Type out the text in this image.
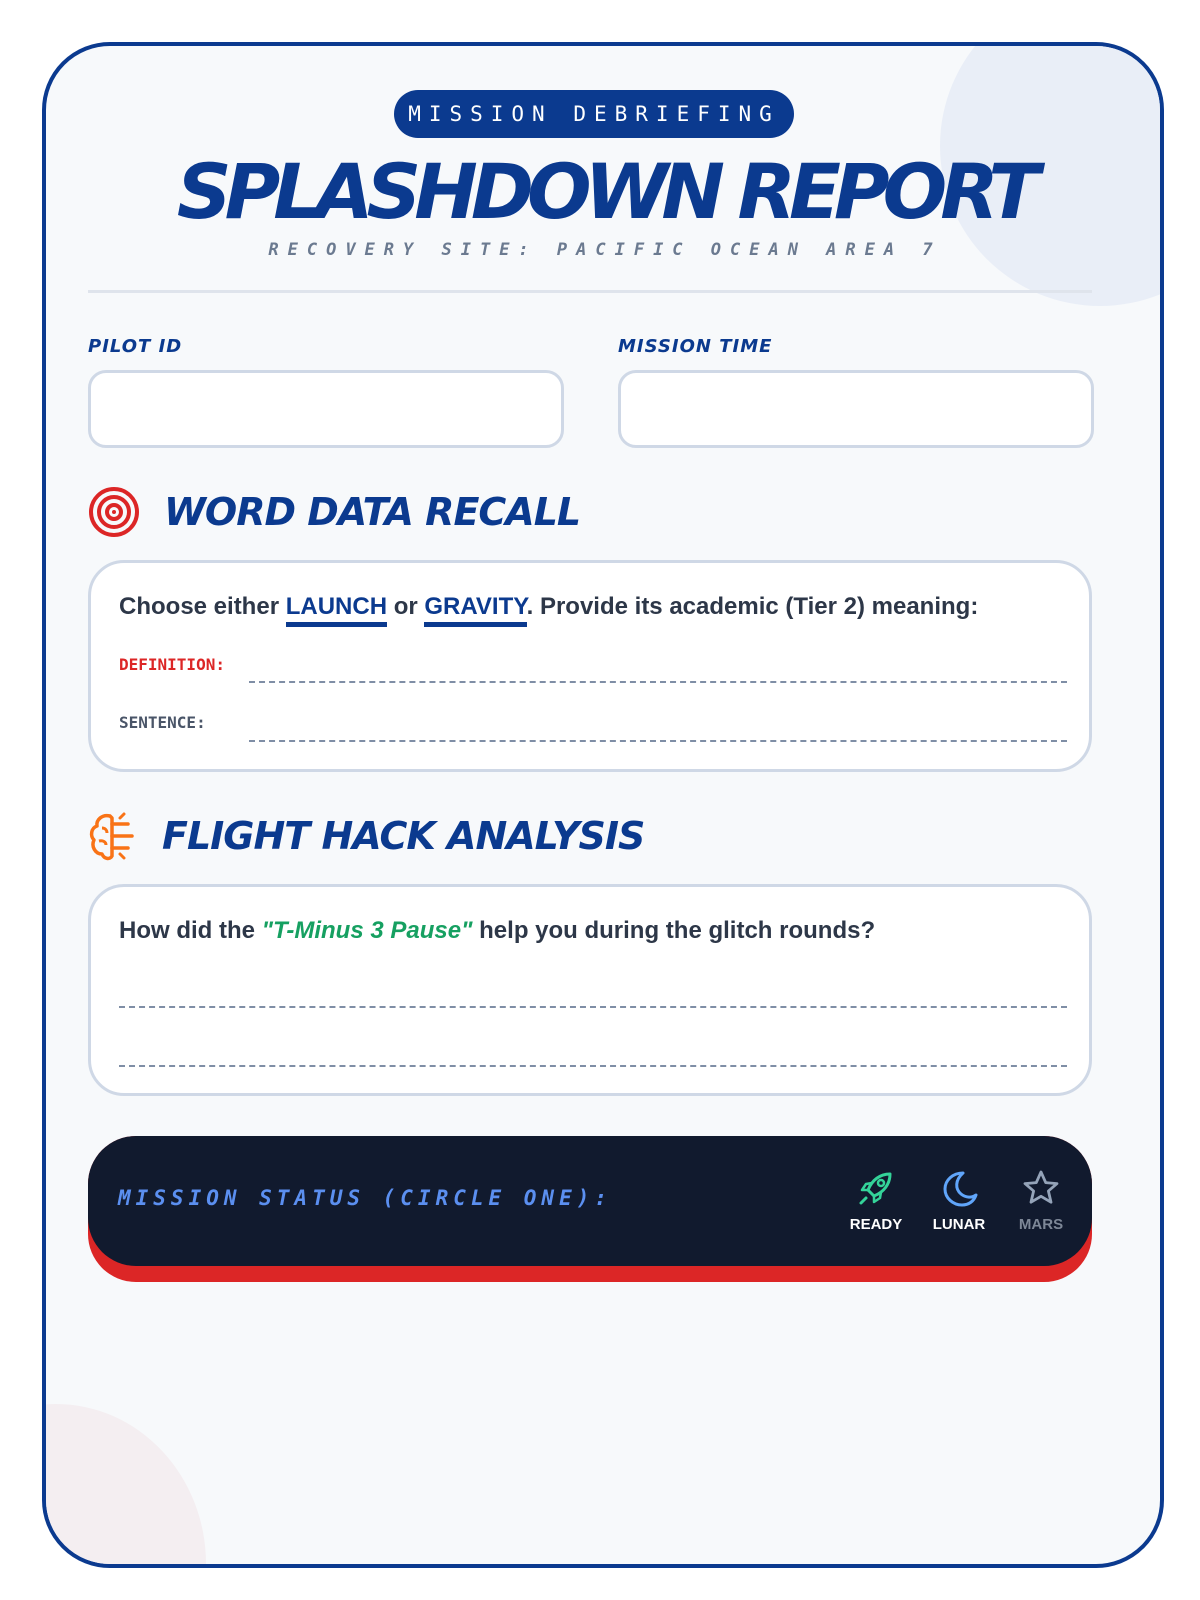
MISSION DEBRIEFING
SPLASHDOWN REPORT
RECOVERY SITE: PACIFIC OCEAN AREA 7
PILOT ID	MISSION TIME
WORD DATA RECALL
Choose either LAUNCH or GRAVITY. Provide its academic (Tier 2) meaning:
DEFINITION:
SENTENCE:
FLIGHT HACK ANALYSIS
How did the "T-Minus 3 Pause" help you during the glitch rounds?
MISSION STATUS (CIRCLE ONE):
READY	LUNAR	MARS
